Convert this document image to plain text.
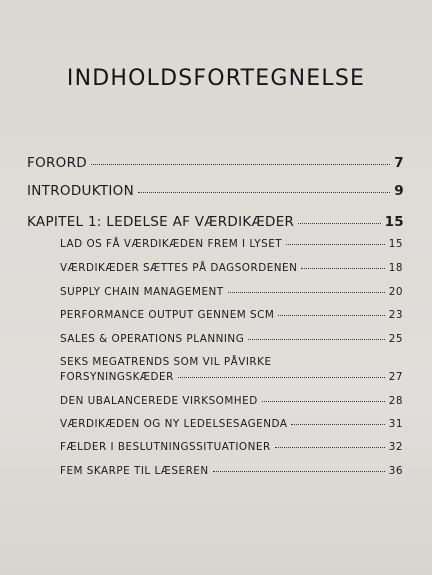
INDHOLDSFORTEGNELSE
FORORD	7
INTRODUKTION	9
KAPITEL 1: LEDELSE AF VÆRDIKÆDER	15
LAD OS FÅ VÆRDIKÆDEN FREM I LYSET	15
VÆRDIKÆDER SÆTTES PÅ DAGSORDENEN	18
SUPPLY CHAIN MANAGEMENT	20
PERFORMANCE OUTPUT GENNEM SCM	23
SALES & OPERATIONS PLANNING	25
SEKS MEGATRENDS SOM VIL PÅVIRKE
FORSYNINGSKÆDER	27
DEN UBALANCEREDE VIRKSOMHED	28
VÆRDIKÆDEN OG NY LEDELSESAGENDA	31
FÆLDER I BESLUTNINGSSITUATIONER	32
FEM SKARPE TIL LÆSEREN	36
